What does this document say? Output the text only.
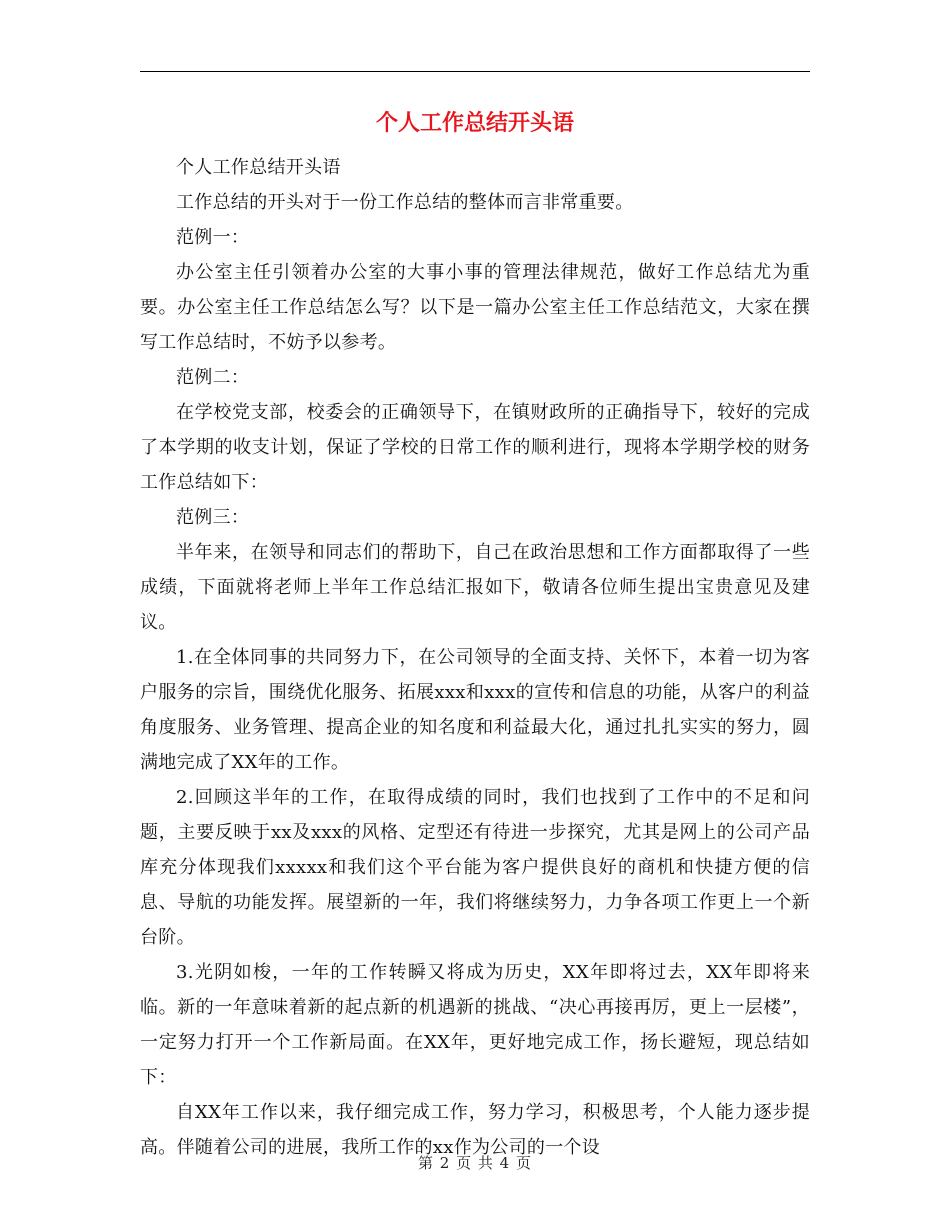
个人工作总结开头语

个人工作总结开头语

工作总结的开头对于一份工作总结的整体而言非常重要。

范例一：

办公室主任引领着办公室的大事小事的管理法律规范，做好工作总结尤为重要。办公室主任工作总结怎么写？以下是一篇办公室主任工作总结范文，大家在撰写工作总结时，不妨予以参考。

范例二：

在学校党支部，校委会的正确领导下，在镇财政所的正确指导下，较好的完成了本学期的收支计划，保证了学校的日常工作的顺利进行，现将本学期学校的财务工作总结如下：

范例三：

半年来，在领导和同志们的帮助下，自己在政治思想和工作方面都取得了一些成绩，下面就将老师上半年工作总结汇报如下，敬请各位师生提出宝贵意见及建议。

1.在全体同事的共同努力下，在公司领导的全面支持、关怀下，本着一切为客户服务的宗旨，围绕优化服务、拓展xxx和xxx的宣传和信息的功能，从客户的利益角度服务、业务管理、提高企业的知名度和利益最大化，通过扎扎实实的努力，圆满地完成了XX年的工作。

2.回顾这半年的工作，在取得成绩的同时，我们也找到了工作中的不足和问题，主要反映于xx及xxx的风格、定型还有待进一步探究，尤其是网上的公司产品库充分体现我们xxxxx和我们这个平台能为客户提供良好的商机和快捷方便的信息、导航的功能发挥。展望新的一年，我们将继续努力，力争各项工作更上一个新台阶。

3.光阴如梭，一年的工作转瞬又将成为历史，XX年即将过去，XX年即将来临。新的一年意味着新的起点新的机遇新的挑战、“决心再接再厉，更上一层楼”，一定努力打开一个工作新局面。在XX年，更好地完成工作，扬长避短，现总结如下：

自XX年工作以来，我仔细完成工作，努力学习，积极思考，个人能力逐步提高。伴随着公司的进展，我所工作的xx作为公司的一个设

第 2 页 共 4 页
